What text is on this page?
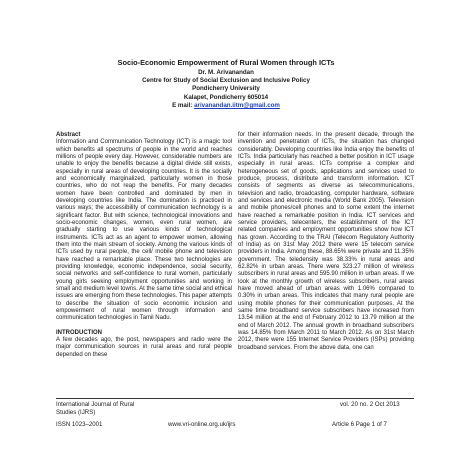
Socio-Economic Empowerment of Rural Women through ICTs
Dr. M. Arivanandan
Centre for Study of Social Exclusion and Inclusive Policy
Pondicherry University
Kalapet, Pondicherry 605014
E mail: arivanandan.iitm@gmail.com

Abstract

Information and Communication Technology (ICT) is a magic tool which benefits all spectrums of people in the world and reaches millions of people every day. However, considerable numbers are unable to enjoy the benefits because a digital divide still exists, especially in rural areas of developing countries. It is the socially and economically marginalized, particularly women in those countries, who do not reap the benefits. For many decades women have been controlled and dominated by men in developing countries like India. The domination is practiced in various ways; the accessibility of communication technology is a significant factor. But with science, technological innovations and socio-economic changes, women, even rural women, are gradually starting to use various kinds of technological instruments. ICTs act as an agent to empower women, allowing them into the main stream of society. Among the various kinds of ICTs used by rural people, the cell/ mobile phone and television have reached a remarkable place. These two technologies are providing knowledge, economic independence, social security, social networks and self-confidence to rural women, particularly young girls seeking employment opportunities and working in small and medium level towns. At the same time social and ethical issues are emerging from these technologies. This paper attempts to describe the situation of socio economic inclusion and empowerment of rural women through information and communication technologies in Tamil Nadu.

INTRODUCTION

A few decades ago, the post, newspapers and radio were the major communication sources in rural areas and rural people depended on these

for their information needs. In the present decade, through the invention and penetration of ICTs, the situation has changed considerably. Developing countries like India enjoy the benefits of ICTs. India particularly has reached a better position in ICT usage especially in rural areas. ICTs comprise a complex and heterogeneous set of goods, applications and services used to produce, process, distribute and transform information. ICT consists of segments as diverse as telecommunications, television and radio, broadcasting, computer hardware, software and services and electronic media (World Bank 2005). Television and mobile phones/cell phones and to some extent the internet have reached a remarkable position in India. ICT services and service providers, telecenters, the establishment of the ICT related companies and employment opportunities show how ICT has grown. According to the TRAI (Telecom Regulatory Authority of India) as on 31st May 2012 there were 15 telecom service providers in India. Among these, 88.65% were private and 11.35% government. The teledensity was 38.33% in rural areas and 62.82% in urban areas. There were 323.27 million of wireless subscribers in rural areas and 595.90 million in urban areas. If we look at the monthly growth of wireless subscribers, rural areas have moved ahead of urban areas with 1.06% compared to 0.30% in urban areas. This indicates that many rural people are using mobile phones for their communication purposes. At the same time broadband service subscribers have increased from 13.54 million at the end of February 2012 to 13.79 million at the end of March 2012. The annual growth in broadband subscribers was 14.85% from March 2011 to March 2012. As on 31st March 2012, there were 155 Internet Service Providers (ISPs) providing broadband services. From the above data, one can

International Journal of Rural
Studies (IJRS)
vol. 20 no. 2 Oct 2013
ISSN 1023–2001	www.vri-online.org.uk/ijrs	Article 6 Page 1 of 7
